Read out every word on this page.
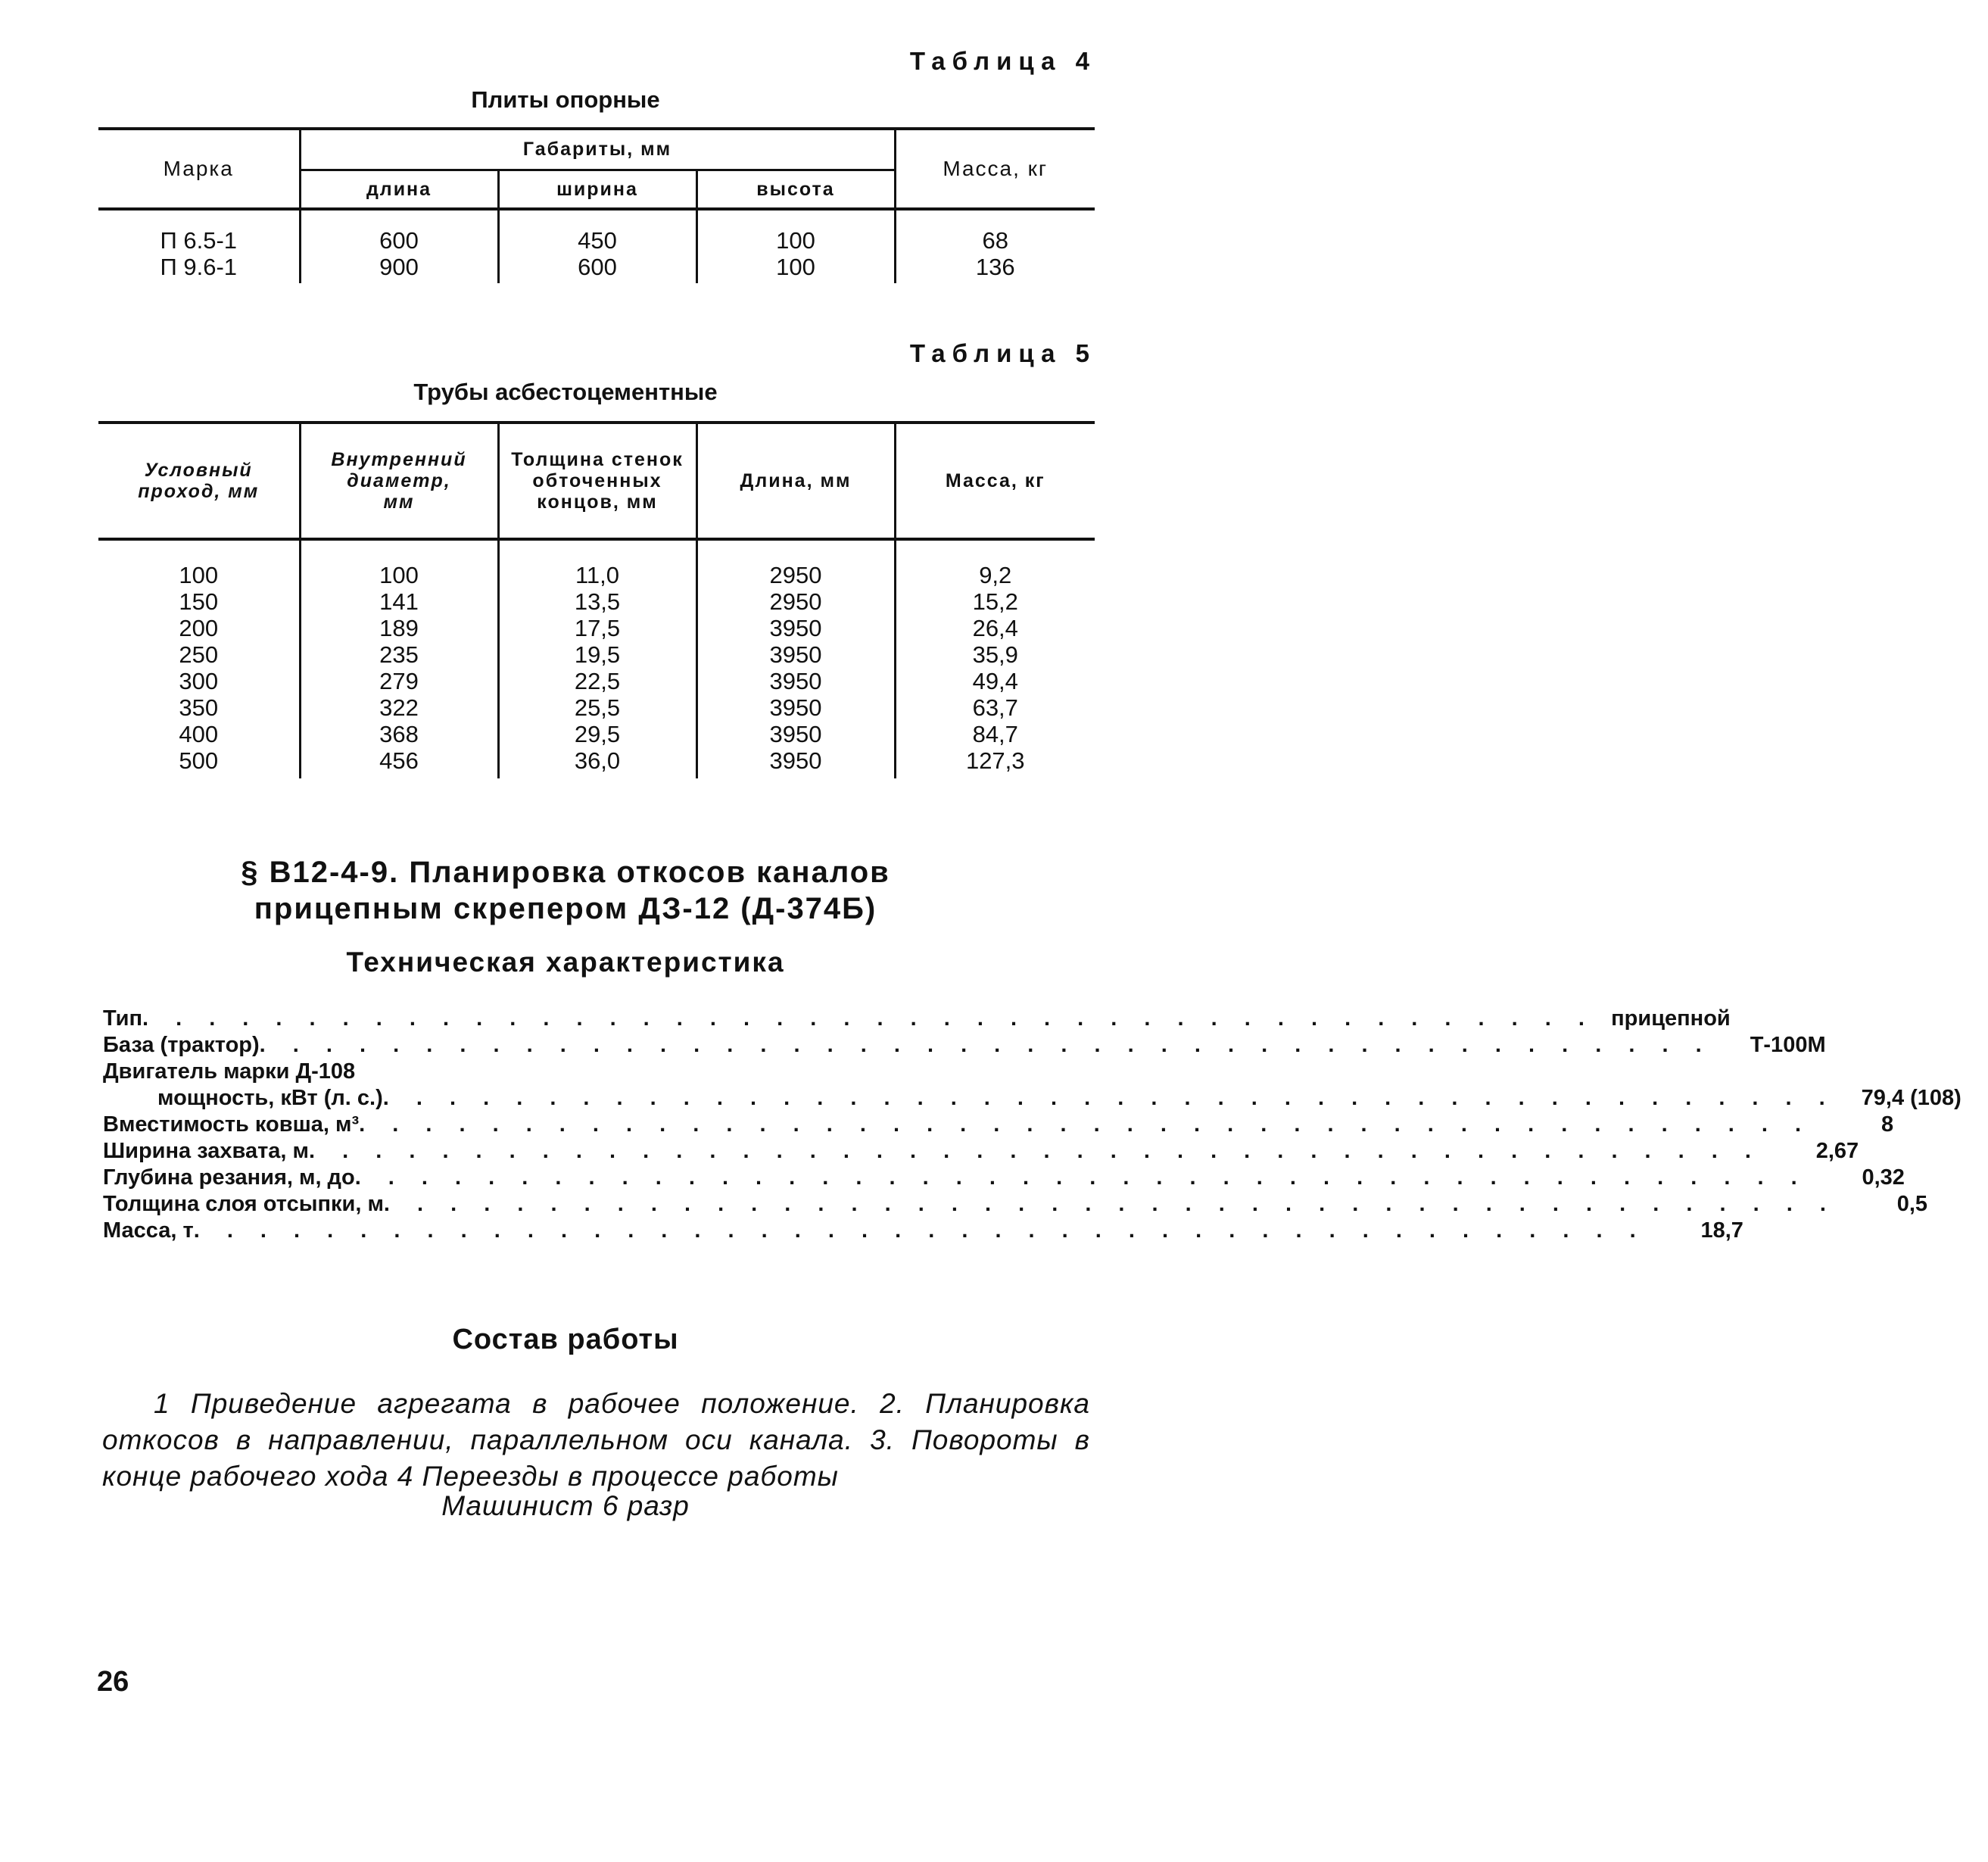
Таблица 4
Плиты опорные
Марка	Габариты, мм			Масса, кг
	длина	ширина	высота	
П 6.5-1	600	450	100	68
П 9.6-1	900	600	100	136
Таблица 5
Трубы асбестоцементные
Условный проход, мм	Внутренний диаметр, мм	Толщина стенок обточенных концов, мм	Длина, мм	Масса, кг
100	100	11,0	2950	9,2
150	141	13,5	2950	15,2
200	189	17,5	3950	26,4
250	235	19,5	3950	35,9
300	279	22,5	3950	49,4
350	322	25,5	3950	63,7
400	368	29,5	3950	84,7
500	456	36,0	3950	127,3
§ В12-4-9. Планировка откосов каналов
прицепным скрепером ДЗ-12 (Д-374Б)
Техническая характеристика
Тип . . . . . . . . . . . . . . . . . . . . . . . . . . . . . . . . . . . . . . . . . . . . прицепной
База (трактор) . . . . . . . . . . . . . . . . . . . . . . . . . . . . . . . . . . . . . . . . . . . .	Т-100М
Двигатель марки Д-108
мощность, кВт (л. с.) . . . . . . . . . . . . . . . . . . . . . . . . . . . . . . . . . . . . . . . . . . . .	79,4 (108)
Вместимость ковша, м³ . . . . . . . . . . . . . . . . . . . . . . . . . . . . . . . . . . . . . . . . . . . .	8
Ширина захвата, м . . . . . . . . . . . . . . . . . . . . . . . . . . . . . . . . . . . . . . . . . . . .	2,67
Глубина резания, м, до . . . . . . . . . . . . . . . . . . . . . . . . . . . . . . . . . . . . . . . . . . . .	0,32
Толщина слоя отсыпки, м . . . . . . . . . . . . . . . . . . . . . . . . . . . . . . . . . . . . . . . . . . . .	0,5
Масса, т . . . . . . . . . . . . . . . . . . . . . . . . . . . . . . . . . . . . . . . . . . . .	18,7
Состав работы
1 Приведение агрегата в рабочее положение. 2. Планировка откосов в направлении, параллельном оси канала. 3. Повороты в конце рабочего хода 4 Переезды в процессе работы
Машинист 6 разр
26
